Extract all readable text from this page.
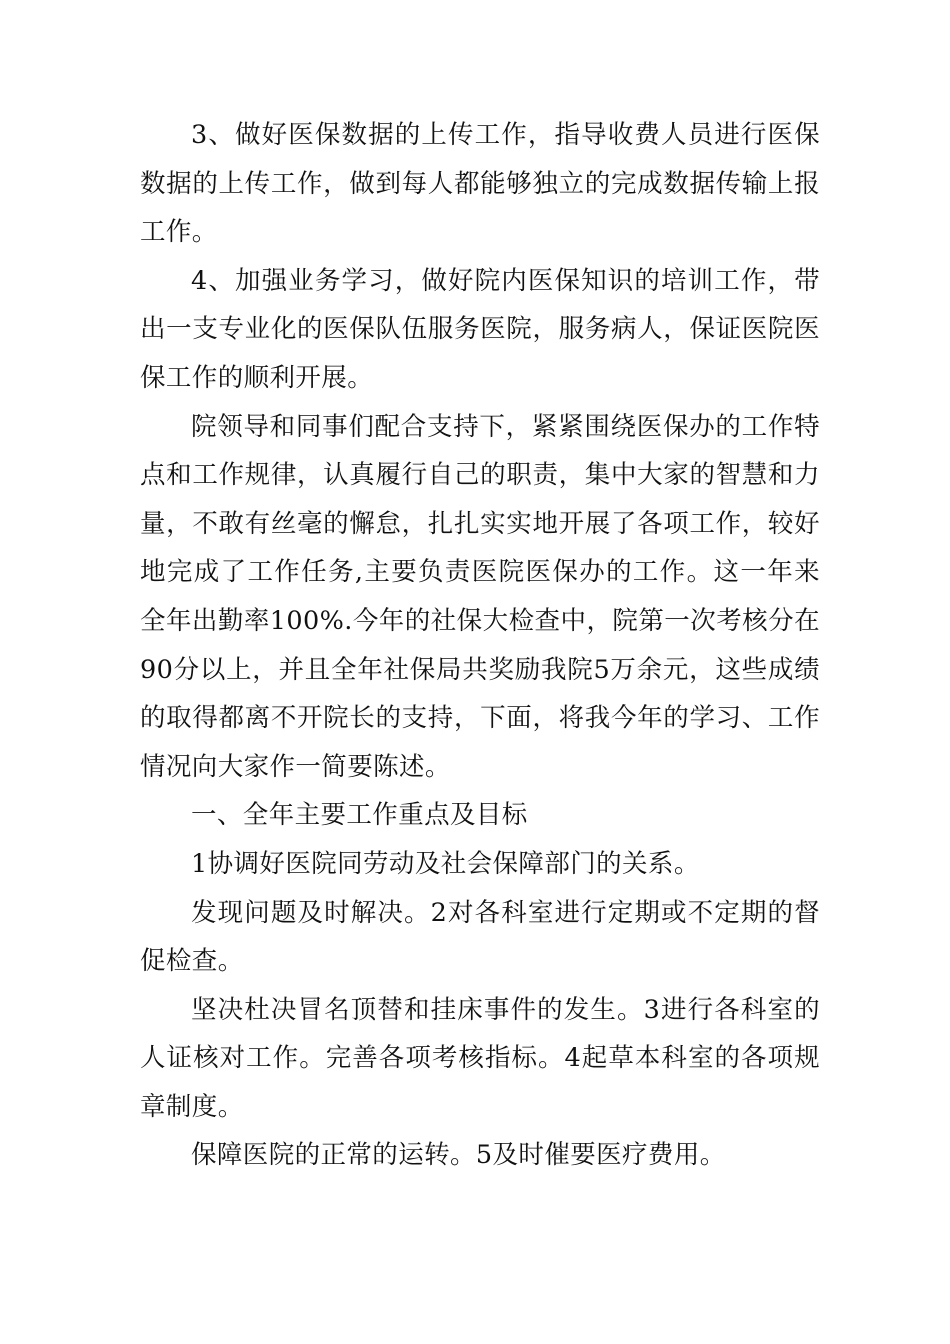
3、做好医保数据的上传工作，指导收费人员进行医保数据的上传工作，做到每人都能够独立的完成数据传输上报工作。

4、加强业务学习，做好院内医保知识的培训工作，带出一支专业化的医保队伍服务医院，服务病人，保证医院医保工作的顺利开展。

院领导和同事们配合支持下，紧紧围绕医保办的工作特点和工作规律，认真履行自己的职责，集中大家的智慧和力量，不敢有丝毫的懈怠，扎扎实实地开展了各项工作，较好地完成了工作任务,主要负责医院医保办的工作。这一年来全年出勤率100%.今年的社保大检查中，院第一次考核分在90分以上，并且全年社保局共奖励我院5万余元，这些成绩的取得都离不开院长的支持，下面，将我今年的学习、工作情况向大家作一简要陈述。

一、全年主要工作重点及目标

1协调好医院同劳动及社会保障部门的关系。

发现问题及时解决。2对各科室进行定期或不定期的督促检查。

坚决杜决冒名顶替和挂床事件的发生。3进行各科室的人证核对工作。完善各项考核指标。4起草本科室的各项规章制度。

保障医院的正常的运转。5及时催要医疗费用。
